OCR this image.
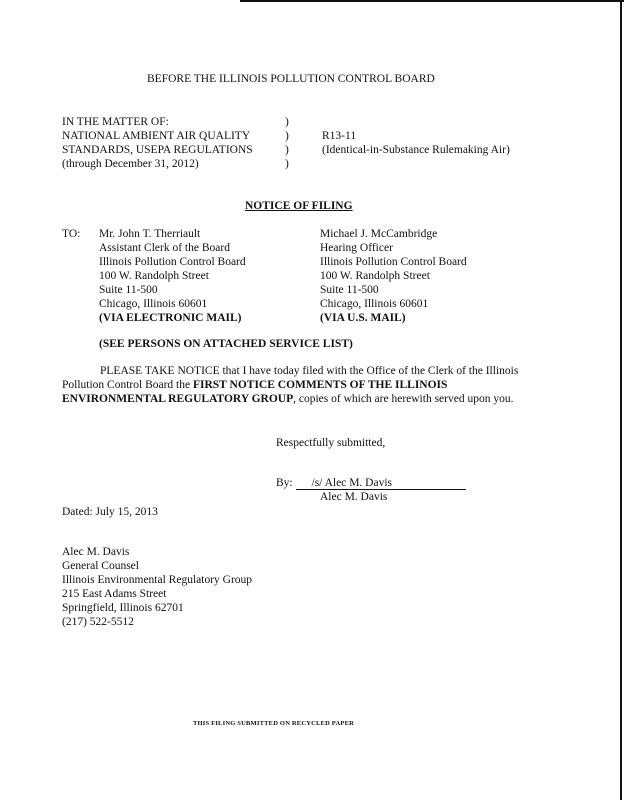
BEFORE THE ILLINOIS POLLUTION CONTROL BOARD
IN THE MATTER OF:
NATIONAL AMBIENT AIR QUALITY
STANDARDS, USEPA REGULATIONS
(through December 31, 2012)
)
)
)
)
R13-11
(Identical-in-Substance Rulemaking Air)
NOTICE OF FILING
TO: Mr. John T. Therriault
Assistant Clerk of the Board
Illinois Pollution Control Board
100 W. Randolph Street
Suite 11-500
Chicago, Illinois 60601
(VIA ELECTRONIC MAIL)
Michael J. McCambridge
Hearing Officer
Illinois Pollution Control Board
100 W. Randolph Street
Suite 11-500
Chicago, Illinois 60601
(VIA U.S. MAIL)
(SEE PERSONS ON ATTACHED SERVICE LIST)
PLEASE TAKE NOTICE that I have today filed with the Office of the Clerk of the Illinois Pollution Control Board the FIRST NOTICE COMMENTS OF THE ILLINOIS ENVIRONMENTAL REGULATORY GROUP, copies of which are herewith served upon you.
Respectfully submitted,
By: /s/ Alec M. Davis
Alec M. Davis
Dated: July 15, 2013
Alec M. Davis
General Counsel
Illinois Environmental Regulatory Group
215 East Adams Street
Springfield, Illinois 62701
(217) 522-5512
THIS FILING SUBMITTED ON RECYCLED PAPER
